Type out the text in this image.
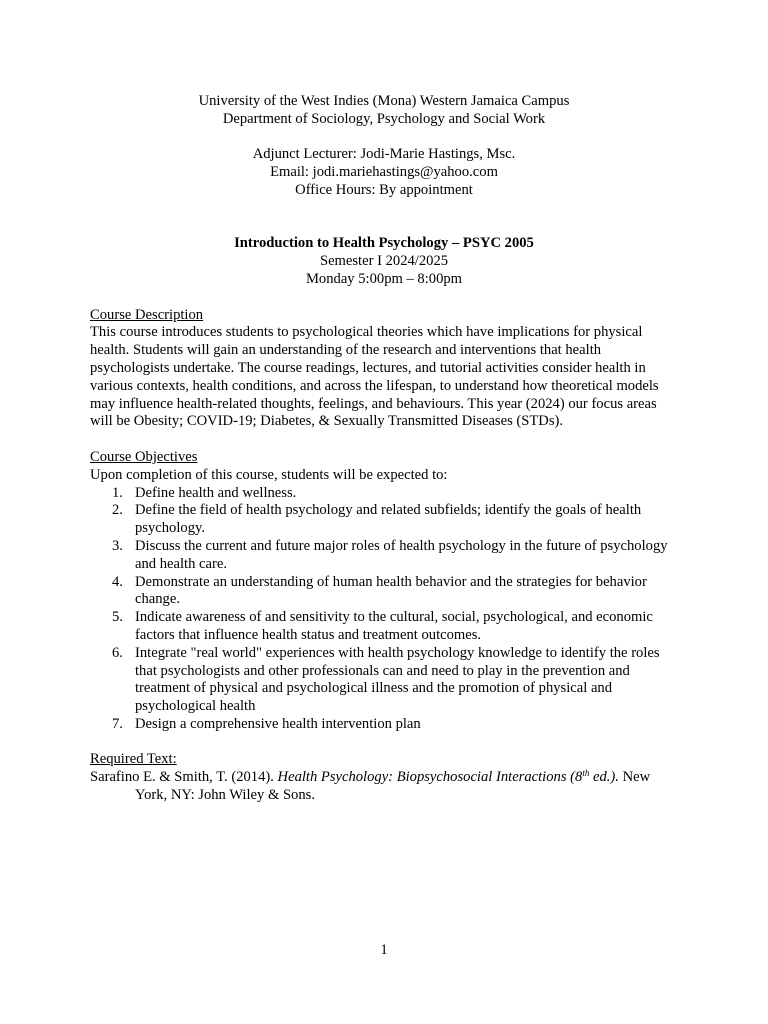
University of the West Indies (Mona) Western Jamaica Campus

Department of Sociology, Psychology and Social Work

Adjunct Lecturer: Jodi-Marie Hastings, Msc.

Email: jodi.mariehastings@yahoo.com

Office Hours: By appointment

Introduction to Health Psychology – PSYC 2005

Semester I 2024/2025

Monday 5:00pm – 8:00pm

Course Description

This course introduces students to psychological theories which have implications for physical health. Students will gain an understanding of the research and interventions that health psychologists undertake. The course readings, lectures, and tutorial activities consider health in various contexts, health conditions, and across the lifespan, to understand how theoretical models may influence health-related thoughts, feelings, and behaviours. This year (2024) our focus areas will be Obesity; COVID-19; Diabetes, & Sexually Transmitted Diseases (STDs).

Course Objectives

Upon completion of this course, students will be expected to:

Define health and wellness.
Define the field of health psychology and related subfields; identify the goals of health psychology.
Discuss the current and future major roles of health psychology in the future of psychology and health care.
Demonstrate an understanding of human health behavior and the strategies for behavior change.
Indicate awareness of and sensitivity to the cultural, social, psychological, and economic factors that influence health status and treatment outcomes.
Integrate "real world" experiences with health psychology knowledge to identify the roles that psychologists and other professionals can and need to play in the prevention and treatment of physical and psychological illness and the promotion of physical and psychological health
Design a comprehensive health intervention plan

Required Text:

Sarafino E. & Smith, T. (2014). Health Psychology: Biopsychosocial Interactions (8th ed.). New York, NY: John Wiley & Sons.

1
